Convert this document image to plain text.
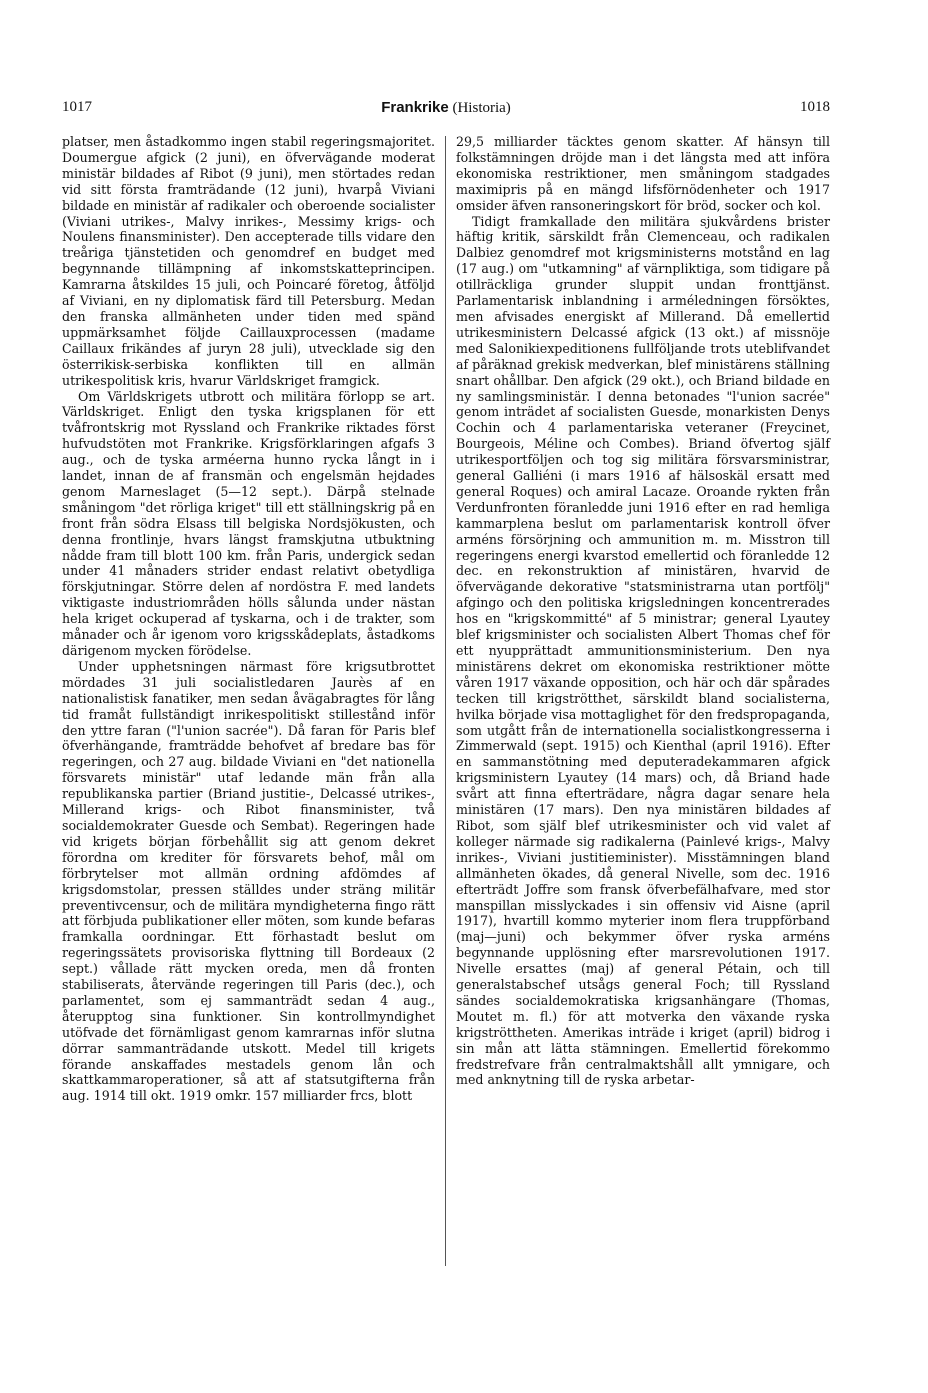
1017	Frankrike (Historia)	1018

platser, men åstadkommo ingen stabil regeringsmajoritet. Doumergue afgick (2 juni), en öfvervägande moderat ministär bildades af Ribot (9 juni), men störtades redan vid sitt första framträdande (12 juni), hvarpå Viviani bildade en ministär af radikaler och oberoende socialister (Viviani utrikes-, Malvy inrikes-, Messimy krigs- och Noulens finansminister). Den accepterade tills vidare den treåriga tjänstetiden och genomdref en budget med begynnande tillämpning af inkomstskatteprincipen. Kamrarna åtskildes 15 juli, och Poincaré företog, åtföljd af Viviani, en ny diplomatisk färd till Petersburg. Medan den franska allmänheten under tiden med spänd uppmärksamhet följde Caillauxprocessen (madame Caillaux frikändes af juryn 28 juli), utvecklade sig den österrikisk-serbiska konflikten till en allmän utrikespolitisk kris, hvarur Världskriget framgick.

Om Världskrigets utbrott och militära förlopp se art. Världskriget. Enligt den tyska krigsplanen för ett tvåfrontskrig mot Ryssland och Frankrike riktades först hufvudstöten mot Frankrike. Krigsförklaringen afgafs 3 aug., och de tyska arméerna hunno rycka långt in i landet, innan de af fransmän och engelsmän hejdades genom Marneslaget (5—12 sept.). Därpå stelnade småningom "det rörliga kriget" till ett ställningskrig på en front från södra Elsass till belgiska Nordsjökusten, och denna frontlinje, hvars längst framskjutna utbuktning nådde fram till blott 100 km. från Paris, undergick sedan under 41 månaders strider endast relativt obetydliga förskjutningar. Större delen af nordöstra F. med landets viktigaste industriområden hölls sålunda under nästan hela kriget ockuperad af tyskarna, och i de trakter, som månader och år igenom voro krigsskådeplats, åstadkoms därigenom mycken förödelse.

Under upphetsningen närmast före krigsutbrottet mördades 31 juli socialistledaren Jaurès af en nationalistisk fanatiker, men sedan åvägabragtes för lång tid framåt fullständigt inrikespolitiskt stillestånd inför den yttre faran ("l'union sacrée"). Då faran för Paris blef öfverhängande, framträdde behofvet af bredare bas för regeringen, och 27 aug. bildade Viviani en "det nationella försvarets ministär" utaf ledande män från alla republikanska partier (Briand justitie-, Delcassé utrikes-, Millerand krigs- och Ribot finansminister, två socialdemokrater Guesde och Sembat). Regeringen hade vid krigets början förbehållit sig att genom dekret förordna om krediter för försvarets behof, mål om förbrytelser mot allmän ordning afdömdes af krigsdomstolar, pressen ställdes under sträng militär preventivcensur, och de militära myndigheterna fingo rätt att förbjuda publikationer eller möten, som kunde befaras framkalla oordningar. Ett förhastadt beslut om regeringssätets provisoriska flyttning till Bordeaux (2 sept.) vållade rätt mycken oreda, men då fronten stabiliserats, återvände regeringen till Paris (dec.), och parlamentet, som ej sammanträdt sedan 4 aug., återupptog sina funktioner. Sin kontrollmyndighet utöfvade det förnämligast genom kamrarnas inför slutna dörrar sammanträdande utskott. Medel till krigets förande anskaffades mestadels genom lån och skattkammaroperationer, så att af statsutgifterna från aug. 1914 till okt. 1919 omkr. 157 milliarder frcs, blott

29,5 milliarder täcktes genom skatter. Af hänsyn till folkstämningen dröjde man i det längsta med att införa ekonomiska restriktioner, men småningom stadgades maximipris på en mängd lifsförnödenheter och 1917 omsider äfven ransoneringskort för bröd, socker och kol.

Tidigt framkallade den militära sjukvårdens brister häftig kritik, särskildt från Clemenceau, och radikalen Dalbiez genomdref mot krigsministerns motstånd en lag (17 aug.) om "utkamning" af värnpliktiga, som tidigare på otillräckliga grunder sluppit undan fronttjänst. Parlamentarisk inblandning i arméledningen försöktes, men afvisades energiskt af Millerand. Då emellertid utrikesministern Delcassé afgick (13 okt.) af missnöje med Salonikiexpeditionens fullföljande trots uteblifvandet af påräknad grekisk medverkan, blef ministärens ställning snart ohållbar. Den afgick (29 okt.), och Briand bildade en ny samlingsministär. I denna betonades "l'union sacrée" genom inträdet af socialisten Guesde, monarkisten Denys Cochin och 4 parlamentariska veteraner (Freycinet, Bourgeois, Méline och Combes). Briand öfvertog själf utrikesportföljen och tog sig militära försvarsministrar, general Galliéni (i mars 1916 af hälsoskäl ersatt med general Roques) och amiral Lacaze. Oroande rykten från Verdunfronten föranledde juni 1916 efter en rad hemliga kammarplena beslut om parlamentarisk kontroll öfver arméns försörjning och ammunition m. m. Misstron till regeringens energi kvarstod emellertid och föranledde 12 dec. en rekonstruktion af ministären, hvarvid de öfvervägande dekorative "statsministrarna utan portfölj" afgingo och den politiska krigsledningen koncentrerades hos en "krigskommitté" af 5 ministrar; general Lyautey blef krigsminister och socialisten Albert Thomas chef för ett nyupprättadt ammunitionsministerium. Den nya ministärens dekret om ekonomiska restriktioner mötte våren 1917 växande opposition, och här och där spårades tecken till krigströtthet, särskildt bland socialisterna, hvilka började visa mottaglighet för den fredspropaganda, som utgått från de internationella socialistkongresserna i Zimmerwald (sept. 1915) och Kienthal (april 1916). Efter en sammanstötning med deputeradekammaren afgick krigsministern Lyautey (14 mars) och, då Briand hade svårt att finna efterträdare, några dagar senare hela ministären (17 mars). Den nya ministären bildades af Ribot, som själf blef utrikesminister och vid valet af kolleger närmade sig radikalerna (Painlevé krigs-, Malvy inrikes-, Viviani justitieminister). Misstämningen bland allmänheten ökades, då general Nivelle, som dec. 1916 efterträdt Joffre som fransk öfverbefälhafvare, med stor manspillan misslyckades i sin offensiv vid Aisne (april 1917), hvartill kommo myterier inom flera truppförband (maj—juni) och bekymmer öfver ryska arméns begynnande upplösning efter marsrevolutionen 1917. Nivelle ersattes (maj) af general Pétain, och till generalstabschef utsågs general Foch; till Ryssland sändes socialdemokratiska krigsanhängare (Thomas, Moutet m. fl.) för att motverka den växande ryska krigströttheten. Amerikas inträde i kriget (april) bidrog i sin mån att lätta stämningen. Emellertid förekommo fredstrefvare från centralmaktshåll allt ymnigare, och med anknytning till de ryska arbetar-
